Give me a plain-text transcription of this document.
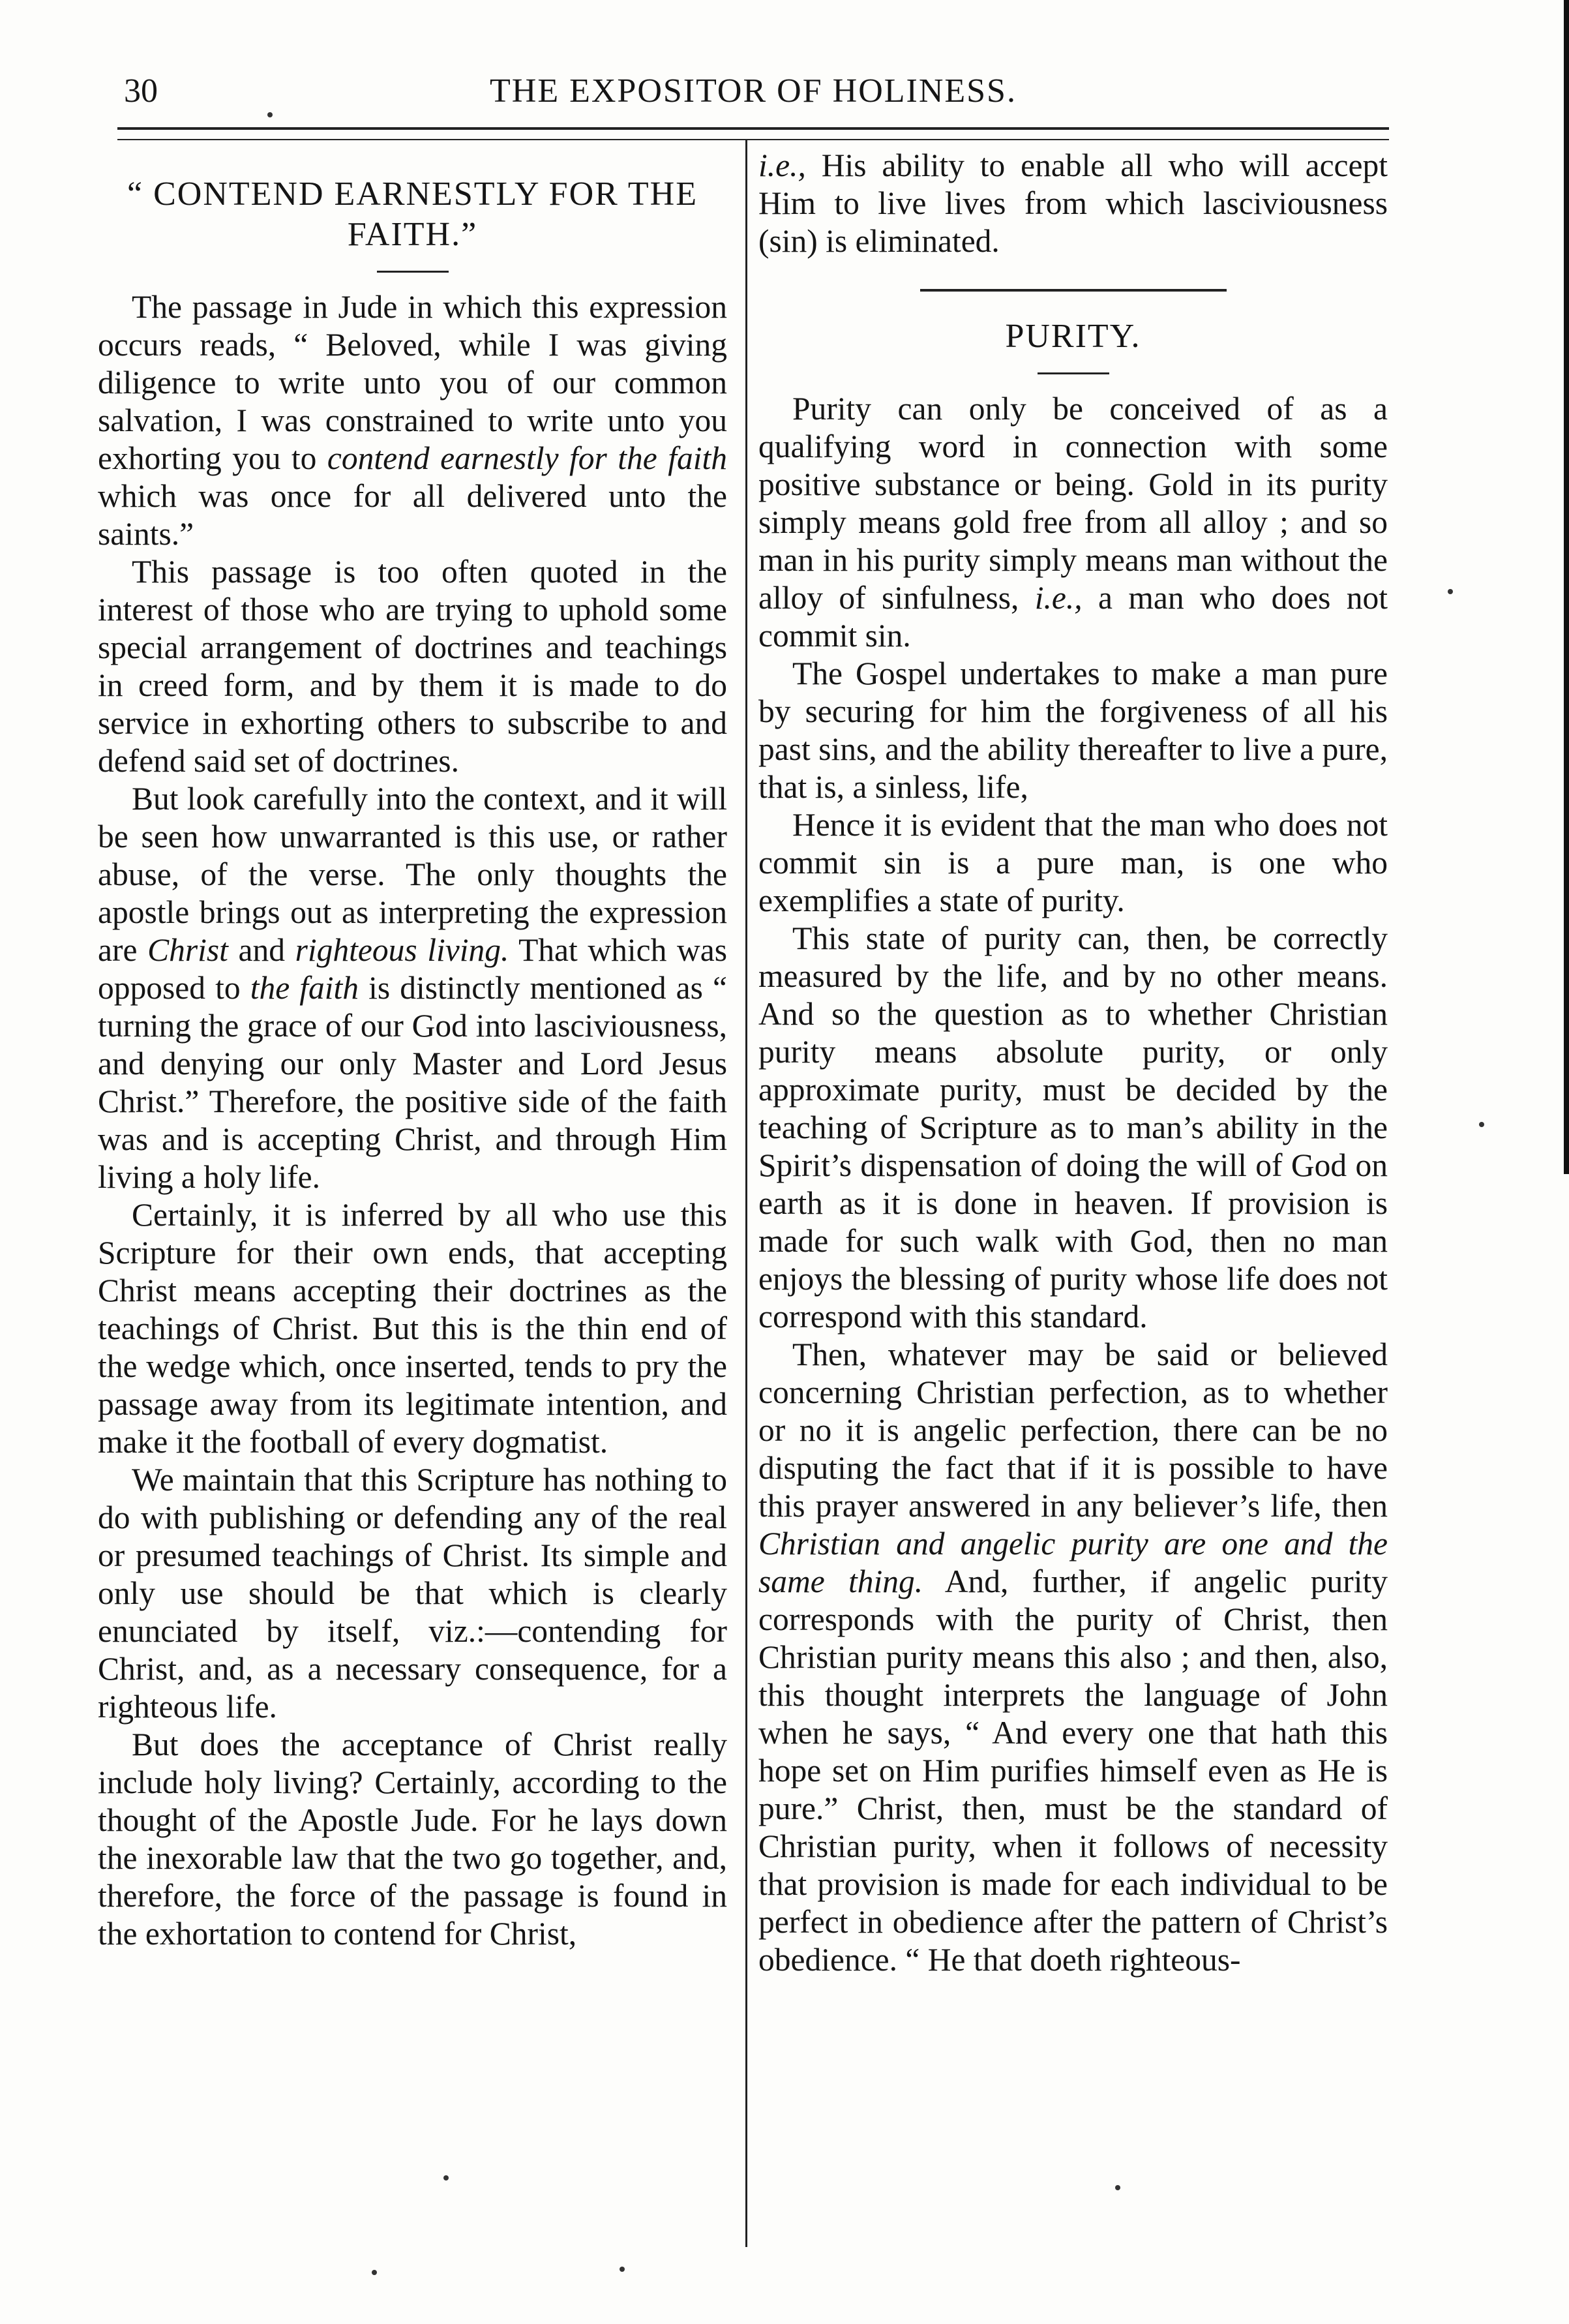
30	THE EXPOSITOR OF HOLINESS.
“ CONTEND EARNESTLY FOR THE FAITH.”

The passage in Jude in which this expression occurs reads, “ Beloved, while I was giving diligence to write unto you of our common salvation, I was constrained to write unto you exhorting you to contend earnestly for the faith which was once for all delivered unto the saints.”

This passage is too often quoted in the interest of those who are trying to uphold some special arrangement of doctrines and teachings in creed form, and by them it is made to do service in exhorting others to subscribe to and defend said set of doctrines.

But look carefully into the context, and it will be seen how unwarranted is this use, or rather abuse, of the verse. The only thoughts the apostle brings out as interpreting the expression are Christ and righteous living. That which was opposed to the faith is distinctly mentioned as “ turning the grace of our God into lasciviousness, and denying our only Master and Lord Jesus Christ.” Therefore, the positive side of the faith was and is accepting Christ, and through Him living a holy life.

Certainly, it is inferred by all who use this Scripture for their own ends, that accepting Christ means accepting their doctrines as the teachings of Christ. But this is the thin end of the wedge which, once inserted, tends to pry the passage away from its legitimate intention, and make it the football of every dogmatist.

We maintain that this Scripture has nothing to do with publishing or defending any of the real or presumed teachings of Christ. Its simple and only use should be that which is clearly enunciated by itself, viz.:—contending for Christ, and, as a necessary consequence, for a righteous life.

But does the acceptance of Christ really include holy living? Certainly, according to the thought of the Apostle Jude. For he lays down the inexorable law that the two go together, and, therefore, the force of the passage is found in the exhortation to contend for Christ,

i.e., His ability to enable all who will accept Him to live lives from which lasciviousness (sin) is eliminated.

PURITY.

Purity can only be conceived of as a qualifying word in connection with some positive substance or being. Gold in its purity simply means gold free from all alloy ; and so man in his purity simply means man without the alloy of sinfulness, i.e., a man who does not commit sin.

The Gospel undertakes to make a man pure by securing for him the forgiveness of all his past sins, and the ability thereafter to live a pure, that is, a sinless, life,

Hence it is evident that the man who does not commit sin is a pure man, is one who exemplifies a state of purity.

This state of purity can, then, be correctly measured by the life, and by no other means. And so the question as to whether Christian purity means absolute purity, or only approximate purity, must be decided by the teaching of Scripture as to man’s ability in the Spirit’s dispensation of doing the will of God on earth as it is done in heaven. If provision is made for such walk with God, then no man enjoys the blessing of purity whose life does not correspond with this standard.

Then, whatever may be said or believed concerning Christian perfection, as to whether or no it is angelic perfection, there can be no disputing the fact that if it is possible to have this prayer answered in any believer’s life, then Christian and angelic purity are one and the same thing. And, further, if angelic purity corresponds with the purity of Christ, then Christian purity means this also ; and then, also, this thought interprets the language of John when he says, “ And every one that hath this hope set on Him purifies himself even as He is pure.” Christ, then, must be the standard of Christian purity, when it follows of necessity that provision is made for each individual to be perfect in obedience after the pattern of Christ’s obedience. “ He that doeth righteous-
